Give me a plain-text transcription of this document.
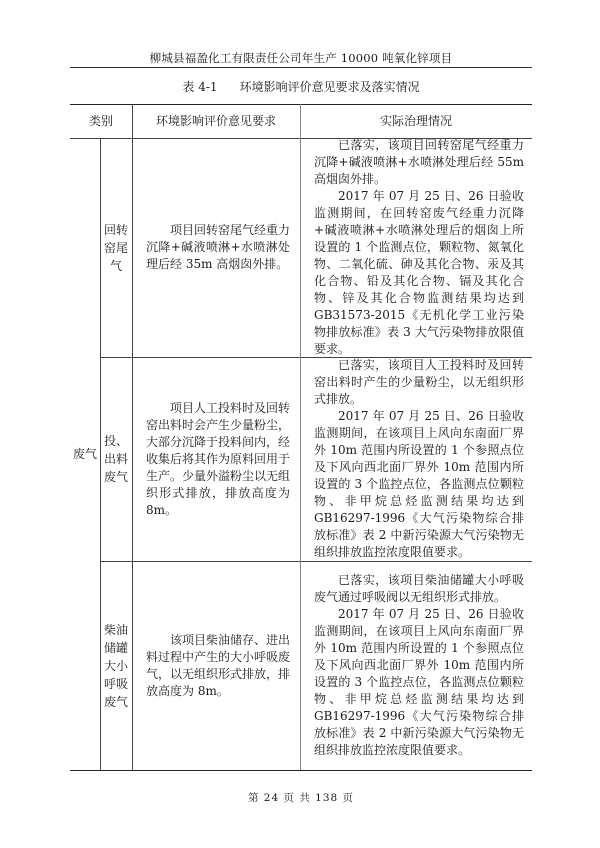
柳城县福盈化工有限责任公司年生产 10000 吨氧化锌项目
表 4-1 环境影响评价意见要求及落实情况
类别	环境影响评价意见要求	实际治理情况
废气
回转窑尾气

项目回转窑尾气经重力沉降+碱液喷淋+水喷淋处理后经 35m 高烟囱外排。

已落实，该项目回转窑尾气经重力沉降+碱液喷淋+水喷淋处理后经 55m 高烟囱外排。

2017 年 07 月 25 日、26 日验收监测期间，在回转窑废气经重力沉降+碱液喷淋+水喷淋处理后的烟囱上所设置的 1 个监测点位，颗粒物、氮氧化物、二氧化硫、砷及其化合物、汞及其化合物、铅及其化合物、镉及其化合物、锌及其化合物监测结果均达到 GB31573-2015《无机化学工业污染物排放标准》表 3 大气污染物排放限值要求。

投、出料废气

项目人工投料时及回转窑出料时会产生少量粉尘，大部分沉降于投料间内，经收集后将其作为原料回用于生产。少量外溢粉尘以无组织形式排放，排放高度为 8m。

已落实，该项目人工投料时及回转窑出料时产生的少量粉尘，以无组织形式排放。

2017 年 07 月 25 日、26 日验收监测期间，在该项目上风向东南面厂界外 10m 范围内所设置的 1 个参照点位及下风向西北面厂界外 10m 范围内所设置的 3 个监控点位，各监测点位颗粒物、非甲烷总烃监测结果均达到 GB16297-1996《大气污染物综合排放标准》表 2 中新污染源大气污染物无组织排放监控浓度限值要求。

柴油储罐大小呼吸废气

该项目柴油储存、进出料过程中产生的大小呼吸废气，以无组织形式排放，排放高度为 8m。

已落实，该项目柴油储罐大小呼吸废气通过呼吸阀以无组织形式排放。

2017 年 07 月 25 日、26 日验收监测期间，在该项目上风向东南面厂界外 10m 范围内所设置的 1 个参照点位及下风向西北面厂界外 10m 范围内所设置的 3 个监控点位，各监测点位颗粒物、非甲烷总烃监测结果均达到 GB16297-1996《大气污染物综合排放标准》表 2 中新污染源大气污染物无组织排放监控浓度限值要求。

第 24 页 共 138 页
